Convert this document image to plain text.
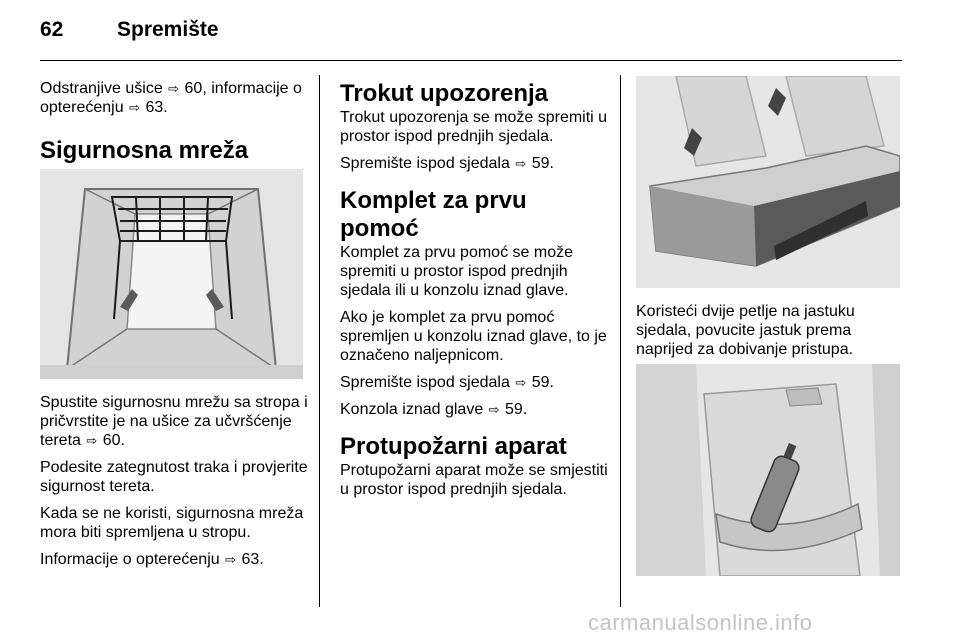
62	Spremište

Odstranjive ušice ⇨ 60, informacije o
opterećenju ⇨ 63.

Sigurnosna mreža

Spustite sigurnosnu mrežu sa stropa i pričvrstite je na ušice za učvršćenje tereta ⇨ 60.

Podesite zategnutost traka i provjerite sigurnost tereta.

Kada se ne koristi, sigurnosna mreža mora biti spremljena u stropu.

Informacije o opterećenju ⇨ 63.

Trokut upozorenja

Trokut upozorenja se može spremiti u prostor ispod prednjih sjedala.

Spremište ispod sjedala ⇨ 59.

Komplet za prvu pomoć

Komplet za prvu pomoć se može spremiti u prostor ispod prednjih sjedala ili u konzolu iznad glave.

Ako je komplet za prvu pomoć spremljen u konzolu iznad glave, to je označeno naljepnicom.

Spremište ispod sjedala ⇨ 59.

Konzola iznad glave ⇨ 59.

Protupožarni aparat

Protupožarni aparat može se smjestiti u prostor ispod prednjih sjedala.

Koristeći dvije petlje na jastuku sjedala, povucite jastuk prema naprijed za dobivanje pristupa.

carmanualsonline.info
